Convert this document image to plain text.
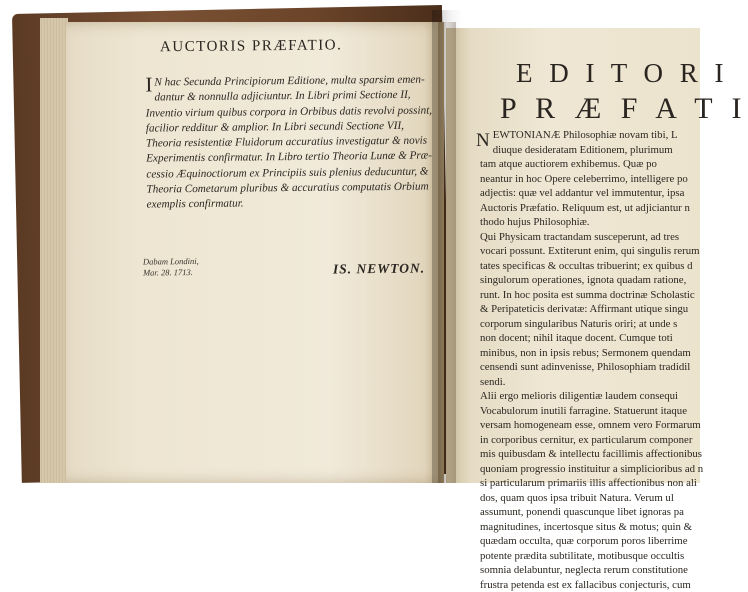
AUCTORIS PRÆFATIO.
I N hac Secunda Principiorum Editione, multa sparsim emen-
dantur & nonnulla adjiciuntur. In Libri primi Sectione II,
Inventio virium quibus corpora in Orbibus datis revolvi possint,
facilior redditur & amplior. In Libri secundi Sectione VII,
Theoria resistentiæ Fluidorum accuratius investigatur & novis
Experimentis confirmatur. In Libro tertio Theoria Lunæ & Præ-
cessio Æquinoctiorum ex Principiis suis plenius deducuntur, &
Theoria Cometarum pluribus & accuratius computatis Orbium
exemplis confirmatur.
Dabam Londini,
Mar. 28. 1713.	IS. NEWTON.
E D I T O R I
P R Æ F A T I
N EWTONIANÆ Philosophiæ novam tibi, L
diuque desideratam Editionem, plurimum
tam atque auctiorem exhibemus. Quæ po
neantur in hoc Opere celeberrimo, intelligere po
adjectis: quæ vel addantur vel immutentur, ipsa
Auctoris Præfatio. Reliquum est, ut adjiciantur n
thodo hujus Philosophiæ.
Qui Physicam tractandam susceperunt, ad tres
vocari possunt. Extiterunt enim, qui singulis rerum
tates specificas & occultas tribuerint; ex quibus d
singulorum operationes, ignota quadam ratione,
runt. In hoc posita est summa doctrinæ Scholastic
& Peripateticis derivatæ: Affirmant utique singu
corporum singularibus Naturis oriri; at unde s
non docent; nihil itaque docent. Cumque toti
minibus, non in ipsis rebus; Sermonem quendam
censendi sunt adinvenisse, Philosophiam tradidil
sendi.
Alii ergo melioris diligentiæ laudem consequi
Vocabulorum inutili farragine. Statuerunt itaque
versam homogeneam esse, omnem vero Formarum
in corporibus cernitur, ex particularum componer
mis quibusdam & intellectu facillimis affectionibus
quoniam progressio instituitur a simplicioribus ad n
si particularum primariis illis affectionibus non ali
dos, quam quos ipsa tribuit Natura. Verum ul
assumunt, ponendi quascunque libet ignoras pa
magnitudines, incertosque situs & motus; quin &
quædam occulta, quæ corporum poros liberrime
potente prædita subtilitate, motibusque occultis
somnia delabuntur, neglecta rerum constitutione
frustra petenda est ex fallacibus conjecturis, cum
